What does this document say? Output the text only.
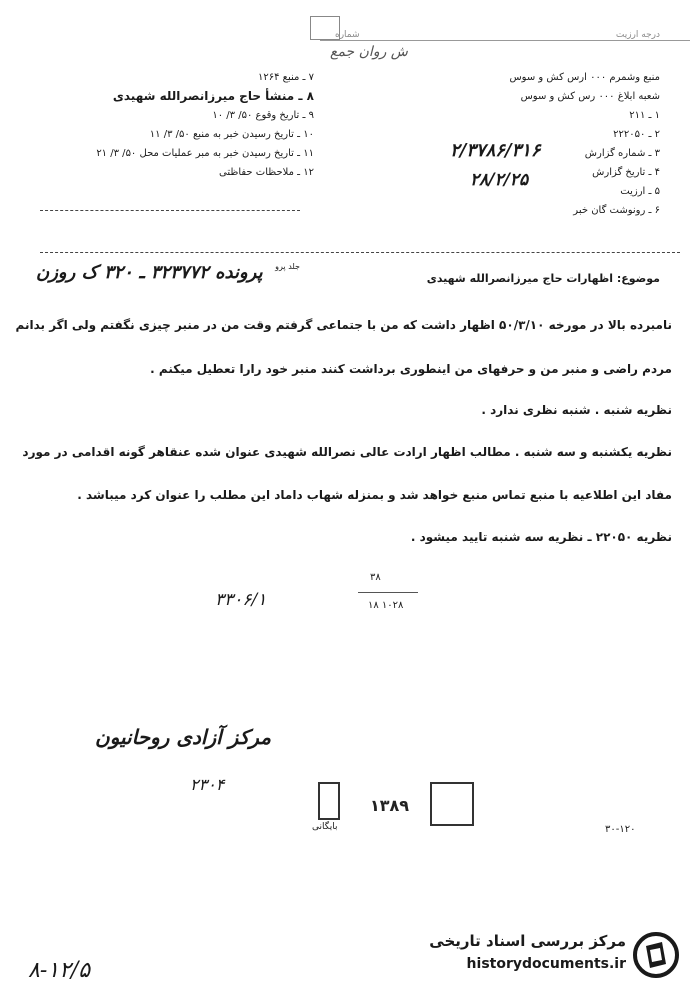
درجه ارزیت
شماره
ش روان جمع
منبع وشمرم ۰۰۰ ارس کش و سوس
شعبه ابلاغ ۰۰۰ رس کش و سوس
۱ ـ ۲۱۱
۲ ـ ۲۲۲۰۵۰
۳ ـ شماره گزارش
۴ ـ تاریخ گزارش
۵ ـ ارزیت
۶ ـ رونوشت گان خبر
۲/۳۷۸۶/۳۱۶
۲۸/۲/۲۵
۷ ـ منبع ۱۲۶۴
۸ ـ منشأ حاج میرزانصرالله شهیدی
۹ ـ تاریخ وقوع ۵۰/ ۳/ ۱۰
۱۰ ـ تاریخ رسیدن خبر به منبع ۵۰/ ۳/ ۱۱
۱۱ ـ تاریخ رسیدن خبر به مبر عملیات محل ۵۰/ ۳/ ۲۱
۱۲ ـ ملاحظات حفاظتی
موضوع: اظهارات حاج میرزانصرالله شهیدی
پرونده ۳۲۳۷۷۲ ـ ۳۲۰ ک روزن جلد پرو
نامبرده بالا در مورخه ۵۰/۳/۱۰ اظهار داشت که من با جتماعی گرفتم وقت من در منبر چیزی نگفتم ولی اگر بدانم
مردم راضی و منبر من و حرفهای من اینطوری برداشت کنند منبر خود رارا تعطیل میکنم .
نظریه شنبه . شنبه نظری ندارد .
نظریه یکشنبه و سه شنبه . مطالب اظهار ارادت عالی نصرالله شهیدی عنوان شده عنقاهر گونه اقدامی در مورد
مفاد این اطلاعیه با منبع تماس منبع خواهد شد و بمنزله شهاب داماد این مطلب را عنوان کرد میباشد .
نظریه ۲۲۰۵۰ ـ نظریه سه شنبه تایید میشود .
۳۳۰۶/۱
۳۸
۱۸ ۱۰۲۸
مرکز آزادی روحانیون
۲۳۰۴
بایگانی
۱۳۸۹
۳۰-۱۲۰
۸-۱۲/۵
مرکز بررسی اسناد تاریخی
historydocuments.ir
